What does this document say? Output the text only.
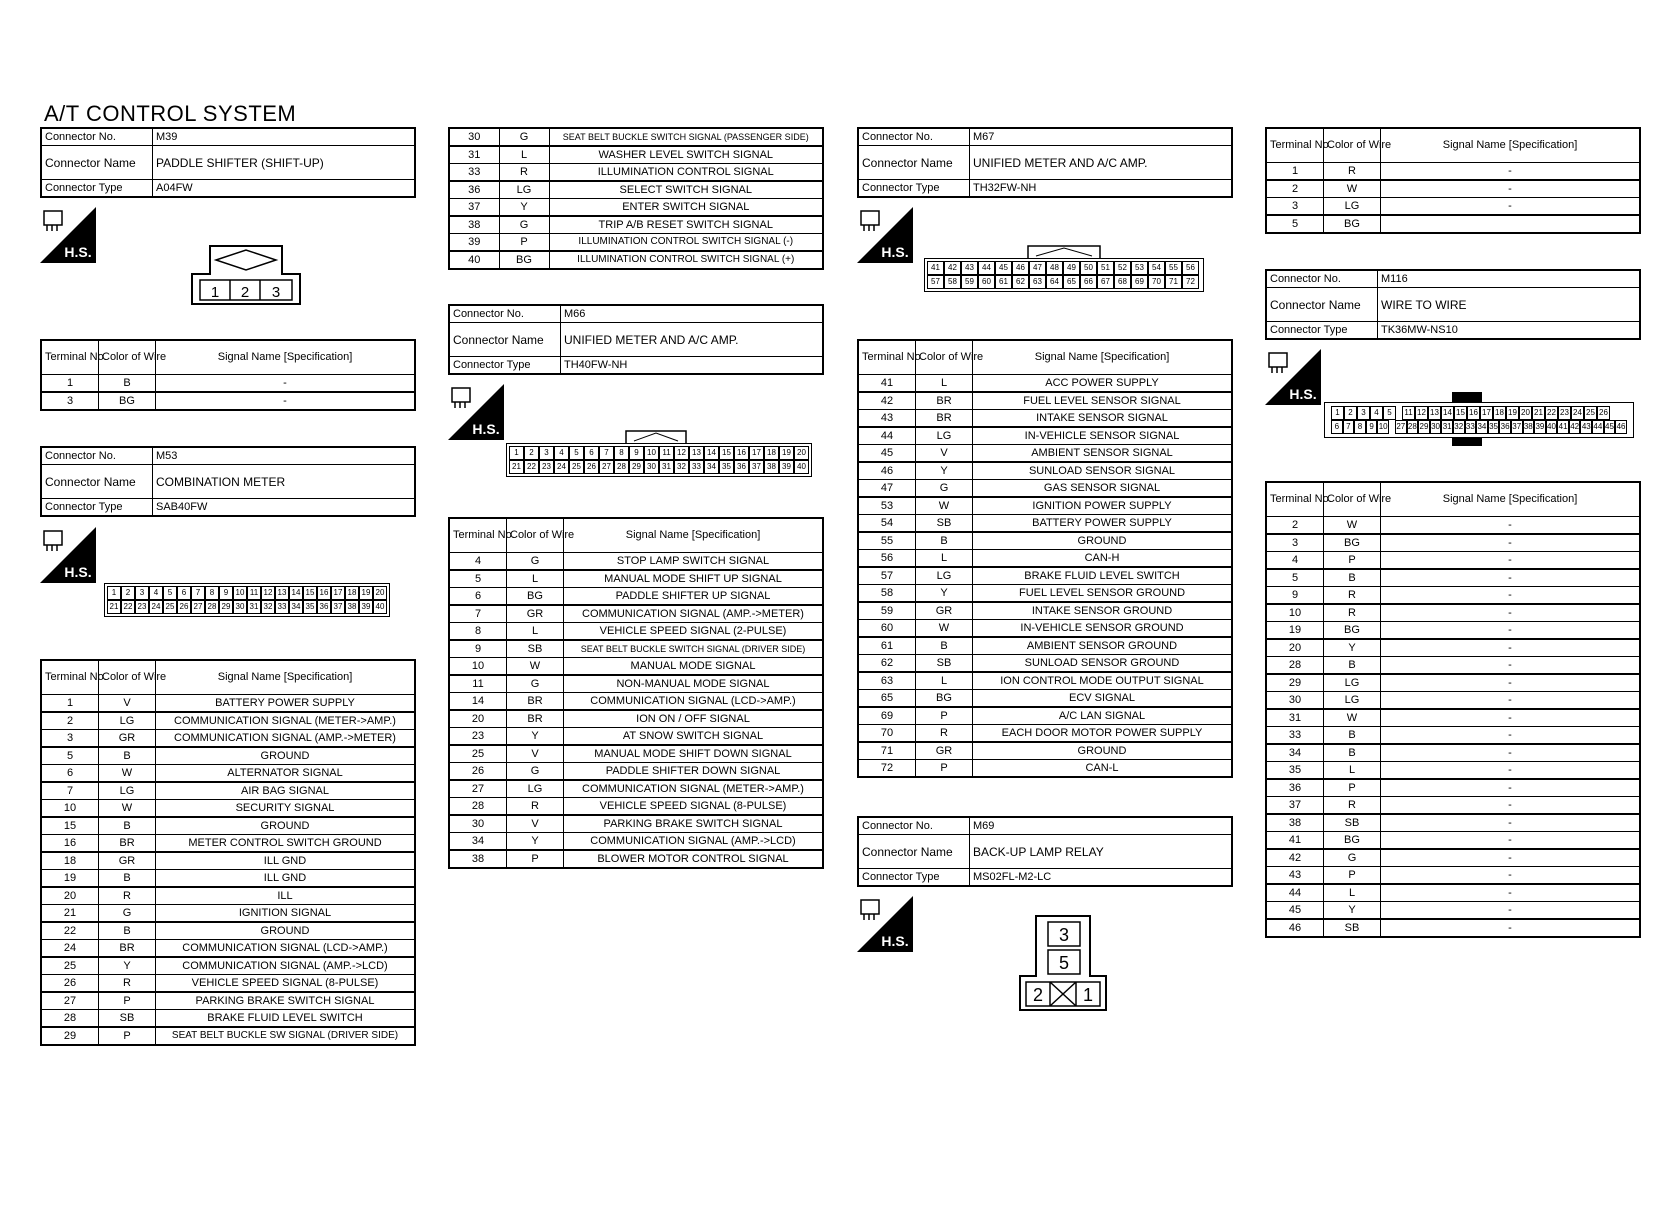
A/T CONTROL SYSTEM
Connector No.	M39
Connector Name	PADDLE SHIFTER (SHIFT-UP)
Connector Type	A04FW
H.S.
1 2 3
Terminal No.	Color of Wire	Signal Name [Specification]
1	B	-
3	BG	-
Connector No.	M53
Connector Name	COMBINATION METER
Connector Type	SAB40FW
H.S.
1	2	3	4	5	6	7	8	9 10 11 12 13 14 15 16 17 18 19 20
21 22 23 24 25 26 27 28 29 30 31 32 33 34 35 36 37 38 39 40
Terminal No.	Color of Wire	Signal Name [Specification]
1	V	BATTERY POWER SUPPLY
2	LG	COMMUNICATION SIGNAL (METER->AMP.)
3	GR	COMMUNICATION SIGNAL (AMP.->METER)
5	B	GROUND
6	W	ALTERNATOR SIGNAL
7	LG	AIR BAG SIGNAL
10	W	SECURITY SIGNAL
15	B	GROUND
16	BR	METER CONTROL SWITCH GROUND
18	GR	ILL GND
19	B	ILL GND
20	R	ILL
21	G	IGNITION SIGNAL
22	B	GROUND
24	BR	COMMUNICATION SIGNAL (LCD->AMP.)
25	Y	COMMUNICATION SIGNAL (AMP.->LCD)
26	R	VEHICLE SPEED SIGNAL (8-PULSE)
27	P	PARKING BRAKE SWITCH SIGNAL
28	SB	BRAKE FLUID LEVEL SWITCH
29	P	SEAT BELT BUCKLE SW SIGNAL (DRIVER SIDE)
30	G	SEAT BELT BUCKLE SWITCH SIGNAL (PASSENGER SIDE)
31	L	WASHER LEVEL SWITCH SIGNAL
33	R	ILLUMINATION CONTROL SIGNAL
36	LG	SELECT SWITCH SIGNAL
37	Y	ENTER SWITCH SIGNAL
38	G	TRIP A/B RESET SWITCH SIGNAL
39	P	ILLUMINATION CONTROL SWITCH SIGNAL (-)
40	BG	ILLUMINATION CONTROL SWITCH SIGNAL (+)
Connector No.	M66
Connector Name	UNIFIED METER AND A/C AMP.
Connector Type	TH40FW-NH
H.S.
1	2	3	4	5	6	7	8	9	10 11 12 13 14 15 16 17 18 19 20
21 22 23 24 25 26 27 28 29 30 31 32 33 34 35 36 37 38 39 40
Terminal No.	Color of Wire	Signal Name [Specification]
4	G	STOP LAMP SWITCH SIGNAL
5	L	MANUAL MODE SHIFT UP SIGNAL
6	BG	PADDLE SHIFTER UP SIGNAL
7	GR	COMMUNICATION SIGNAL (AMP.->METER)
8	L	VEHICLE SPEED SIGNAL (2-PULSE)
9	SB	SEAT BELT BUCKLE SWITCH SIGNAL (DRIVER SIDE)
10	W	MANUAL MODE SIGNAL
11	G	NON-MANUAL MODE SIGNAL
14	BR	COMMUNICATION SIGNAL (LCD->AMP.)
20	BR	ION ON / OFF SIGNAL
23	Y	AT SNOW SWITCH SIGNAL
25	V	MANUAL MODE SHIFT DOWN SIGNAL
26	G	PADDLE SHIFTER DOWN SIGNAL
27	LG	COMMUNICATION SIGNAL (METER->AMP.)
28	R	VEHICLE SPEED SIGNAL (8-PULSE)
30	V	PARKING BRAKE SWITCH SIGNAL
34	Y	COMMUNICATION SIGNAL (AMP.->LCD)
38	P	BLOWER MOTOR CONTROL SIGNAL
Connector No.	M67
Connector Name	UNIFIED METER AND A/C AMP.
Connector Type	TH32FW-NH
H.S.
41	42	43	44	45	46	47	48	49	50	51	52	53	54	55	56
57	58	59	60	61	62	63	64	65	66	67	68	69	70	71	72
Terminal No.	Color of Wire	Signal Name [Specification]
41	L	ACC POWER SUPPLY
42	BR	FUEL LEVEL SENSOR SIGNAL
43	BR	INTAKE SENSOR SIGNAL
44	LG	IN-VEHICLE SENSOR SIGNAL
45	V	AMBIENT SENSOR SIGNAL
46	Y	SUNLOAD SENSOR SIGNAL
47	G	GAS SENSOR SIGNAL
53	W	IGNITION POWER SUPPLY
54	SB	BATTERY POWER SUPPLY
55	B	GROUND
56	L	CAN-H
57	LG	BRAKE FLUID LEVEL SWITCH
58	Y	FUEL LEVEL SENSOR GROUND
59	GR	INTAKE SENSOR GROUND
60	W	IN-VEHICLE SENSOR GROUND
61	B	AMBIENT SENSOR GROUND
62	SB	SUNLOAD SENSOR GROUND
63	L	ION CONTROL MODE OUTPUT SIGNAL
65	BG	ECV SIGNAL
69	P	A/C LAN SIGNAL
70	R	EACH DOOR MOTOR POWER SUPPLY
71	GR	GROUND
72	P	CAN-L
Connector No.	M69
Connector Name	BACK-UP LAMP RELAY
Connector Type	MS02FL-M2-LC
H.S.	3
5
2 1
Terminal No.	Color of Wire	Signal Name [Specification]
1	R	-
2	W	-
3	LG	-
5	BG	
Connector No.	M116
Connector Name	WIRE TO WIRE
Connector Type	TK36MW-NS10
H.S.
1	2	3	4	5	11 12 13 14 15 16 17 18 19 20 21 22 23 24 25 26
6 7 8 9 10 27 28 29 30 31 32 33 34 35 36 37 38 39 40 41 42 43 44 45 46
Terminal No.	Color of Wire	Signal Name [Specification]
2	W	-
3	BG	-
4	P	-
5	B	-
9	R	-
10	R	-
19	BG	-
20	Y	-
28	B	-
29	LG	-
30	LG	-
31	W	-
33	B	-
34	B	-
35	L	-
36	P	-
37	R	-
38	SB	-
41	BG	-
42	G	-
43	P	-
44	L	-
45	Y	-
46	SB	-
